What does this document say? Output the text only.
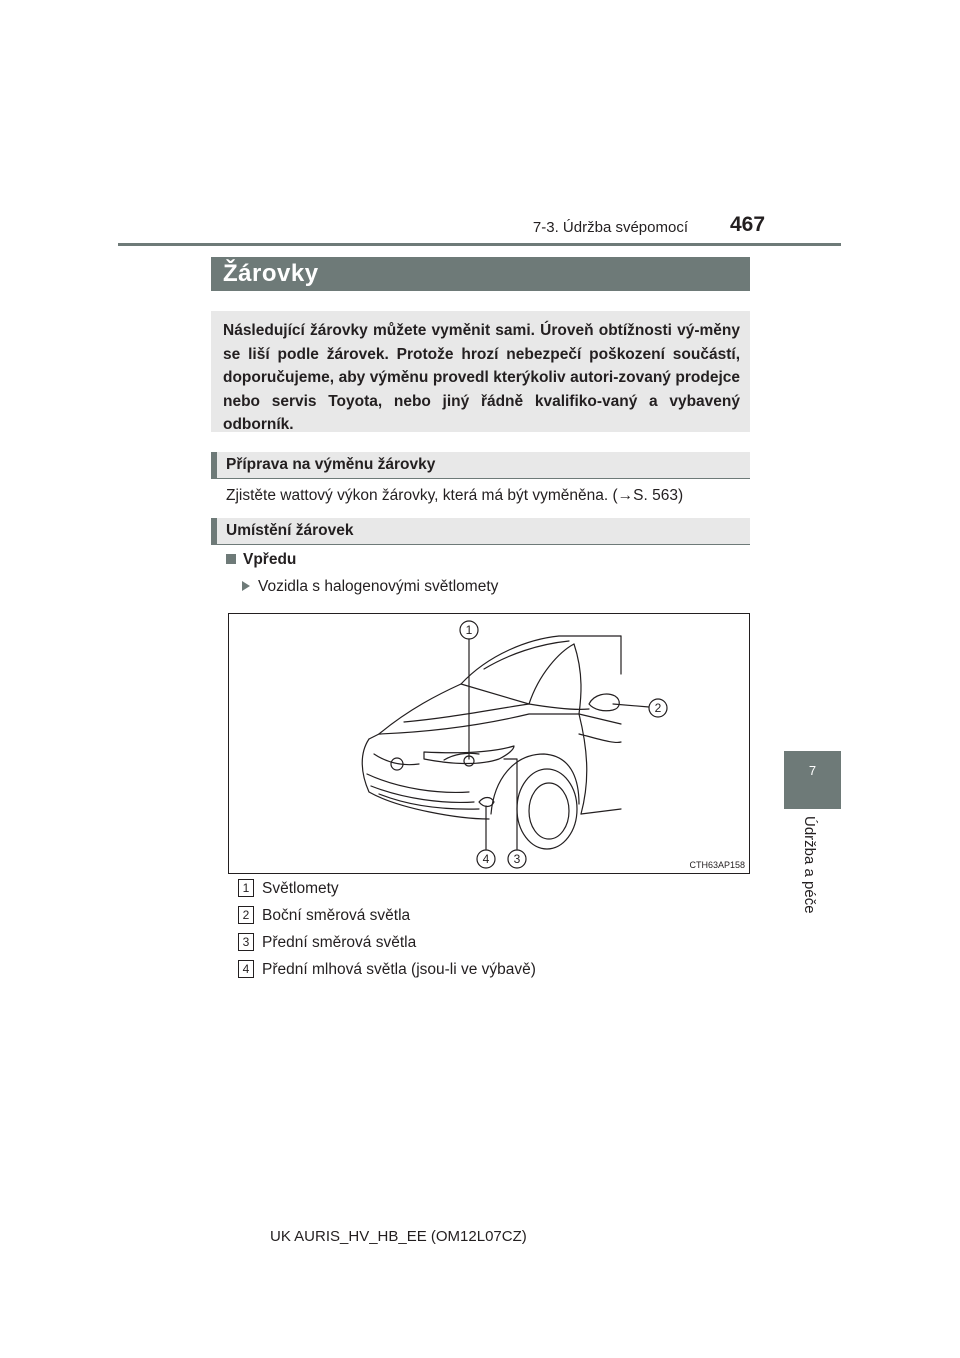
7-3. Údržba svépomocí 467
7
Údržba a péče
Žárovky
Následující žárovky můžete vyměnit sami. Úroveň obtížnosti vý-měny se liší podle žárovek. Protože hrozí nebezpečí poškození součástí, doporučujeme, aby výměnu provedl kterýkoliv autori-zovaný prodejce nebo servis Toyota, nebo jiný řádně kvalifiko-vaný a vybavený odborník.
Příprava na výměnu žárovky
Zjistěte wattový výkon žárovky, která má být vyměněna. (→S. 563)
Umístění žárovek
Vpředu
Vozidla s halogenovými světlomety
1
2
4 3	CTH63AP158
1 Světlomety
2 Boční směrová světla
3 Přední směrová světla
4 Přední mlhová světla (jsou-li ve výbavě)
UK AURIS_HV_HB_EE (OM12L07CZ)
